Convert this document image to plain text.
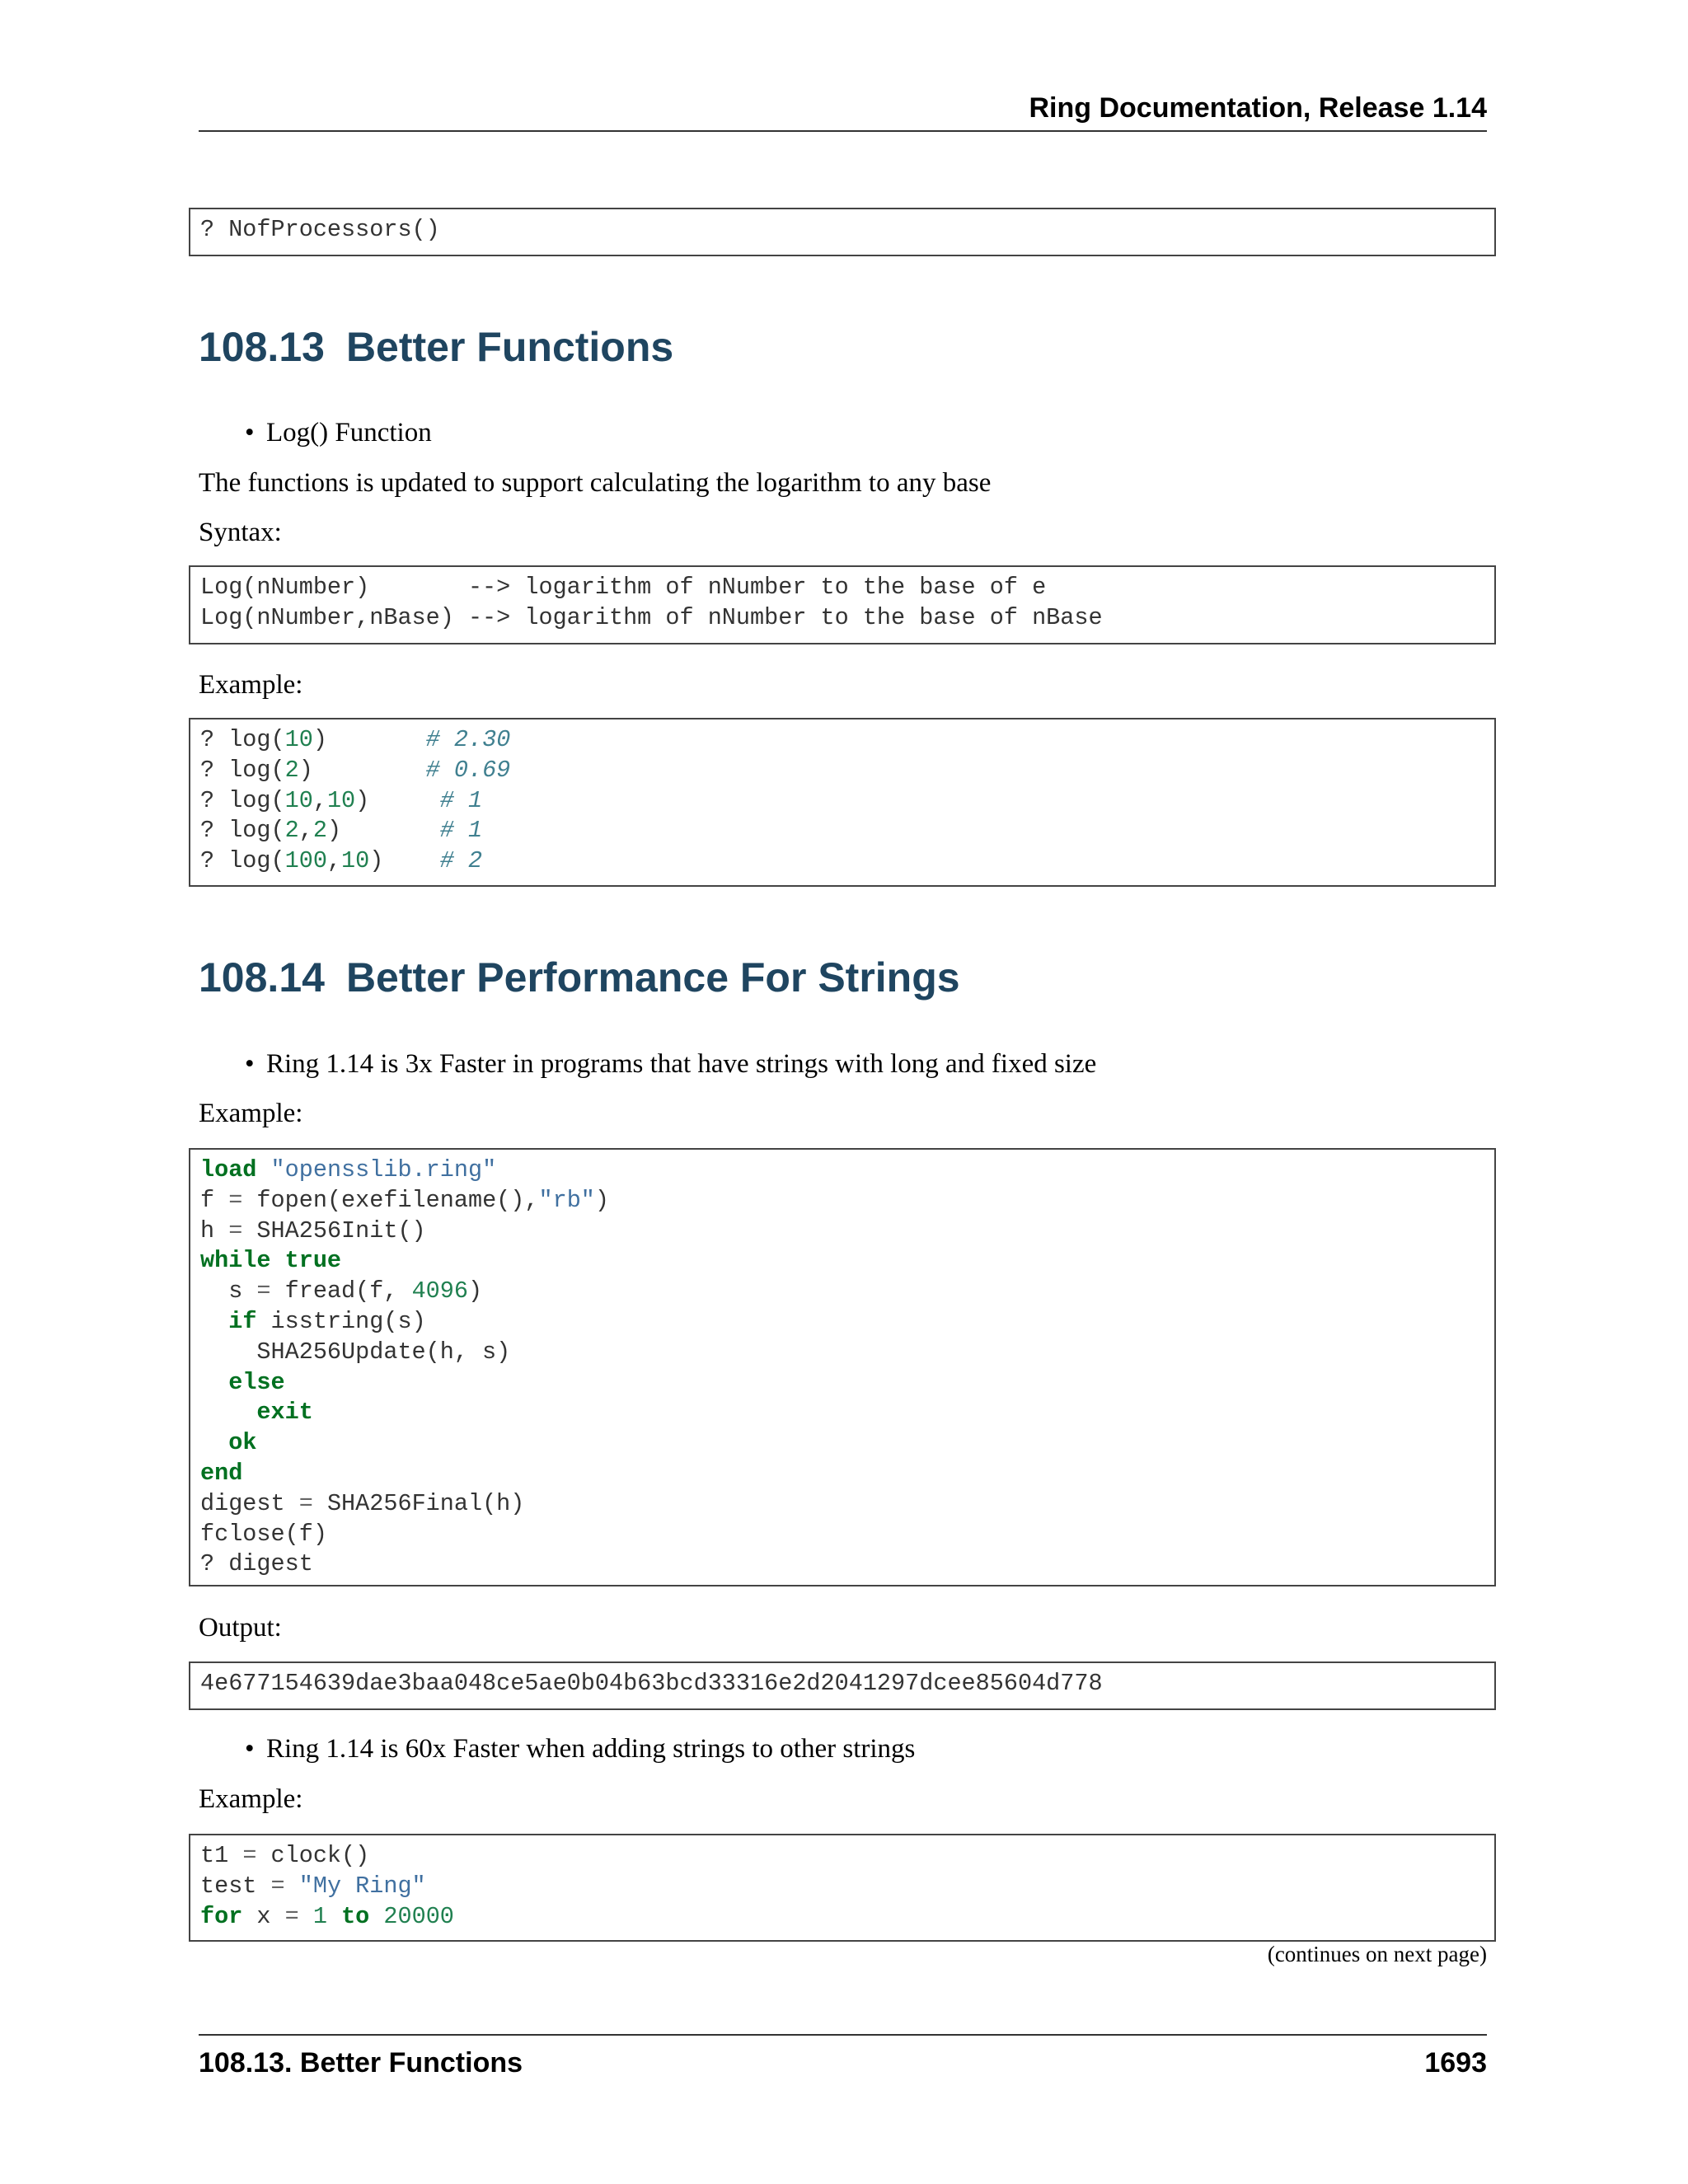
Ring Documentation, Release 1.14
? NofProcessors()
108.13 Better Functions

• Log() Function

The functions is updated to support calculating the logarithm to any base

Syntax:

Log(nNumber)       --> logarithm of nNumber to the base of e
Log(nNumber,nBase) --> logarithm of nNumber to the base of nBase

Example:

? log(10)	# 2.30
? log(2)	# 0.69
? log(10,10)	# 1
? log(2,2)	# 1
? log(100,10) # 2
108.14 Better Performance For Strings

• Ring 1.14 is 3x Faster in programs that have strings with long and fixed size

Example:

load "opensslib.ring"
f = fopen(exefilename(),"rb")
h = SHA256Init()
while true
s = fread(f, 4096)
if isstring(s)
SHA256Update(h, s)
else
exit
ok
end
digest = SHA256Final(h)
fclose(f)
? digest

Output:

4e677154639dae3baa048ce5ae0b04b63bcd33316e2d2041297dcee85604d778

• Ring 1.14 is 60x Faster when adding strings to other strings

Example:

t1 = clock()
test = "My Ring"
for x = 1 to 20000
(continues on next page)
108.13. Better Functions	1693
